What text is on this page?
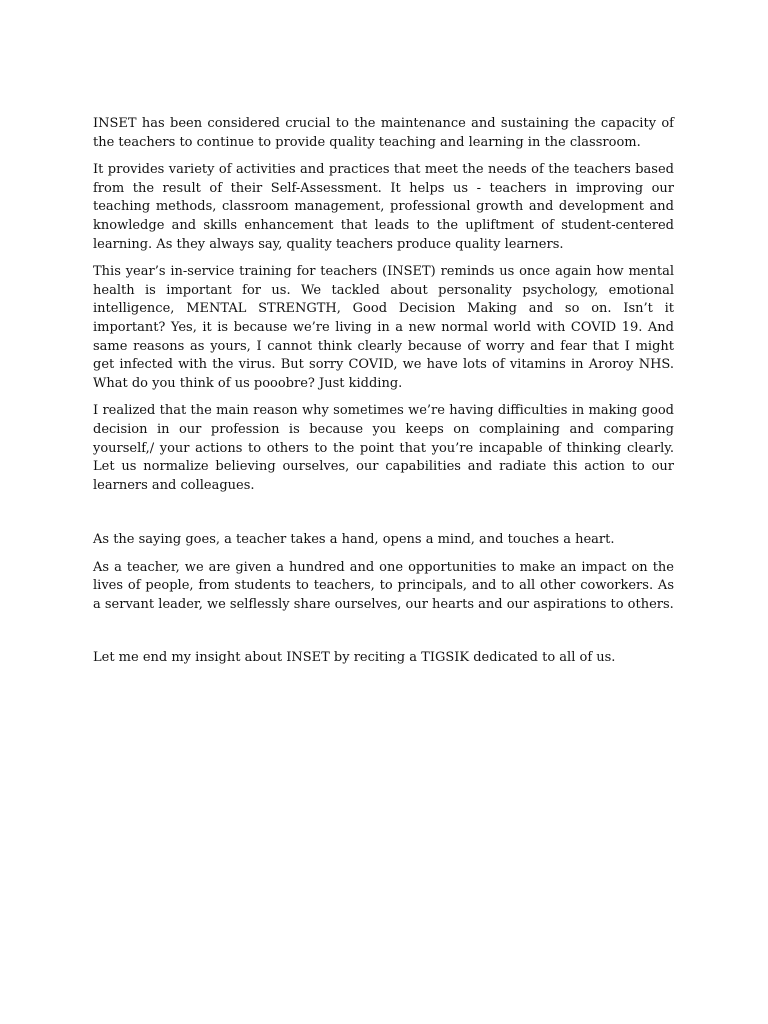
INSET has been considered crucial to the maintenance and sustaining the capacity of the teachers to continue to provide quality teaching and learning in the classroom.

It provides variety of activities and practices that meet the needs of the teachers based from the result of their Self-Assessment. It helps us - teachers in improving our teaching methods, classroom management, professional growth and development and knowledge and skills enhancement that leads to the upliftment of student-centered learning. As they always say, quality teachers produce quality learners.

This year’s in-service training for teachers (INSET) reminds us once again how mental health is important for us. We tackled about personality psychology, emotional intelligence, MENTAL STRENGTH, Good Decision Making and so on. Isn’t it important? Yes, it is because we’re living in a new normal world with COVID 19. And same reasons as yours, I cannot think clearly because of worry and fear that I might get infected with the virus. But sorry COVID, we have lots of vitamins in Aroroy NHS. What do you think of us pooobre? Just kidding.

I realized that the main reason why sometimes we’re having difficulties in making good decision in our profession is because you keeps on complaining and comparing yourself,/ your actions to others to the point that you’re incapable of thinking clearly. Let us normalize believing ourselves, our capabilities and radiate this action to our learners and colleagues.

As the saying goes, a teacher takes a hand, opens a mind, and touches a heart.

As a teacher, we are given a hundred and one opportunities to make an impact on the lives of people, from students to teachers, to principals, and to all other coworkers. As a servant leader, we selflessly share ourselves, our hearts and our aspirations to others.

Let me end my insight about INSET by reciting a TIGSIK dedicated to all of us.
